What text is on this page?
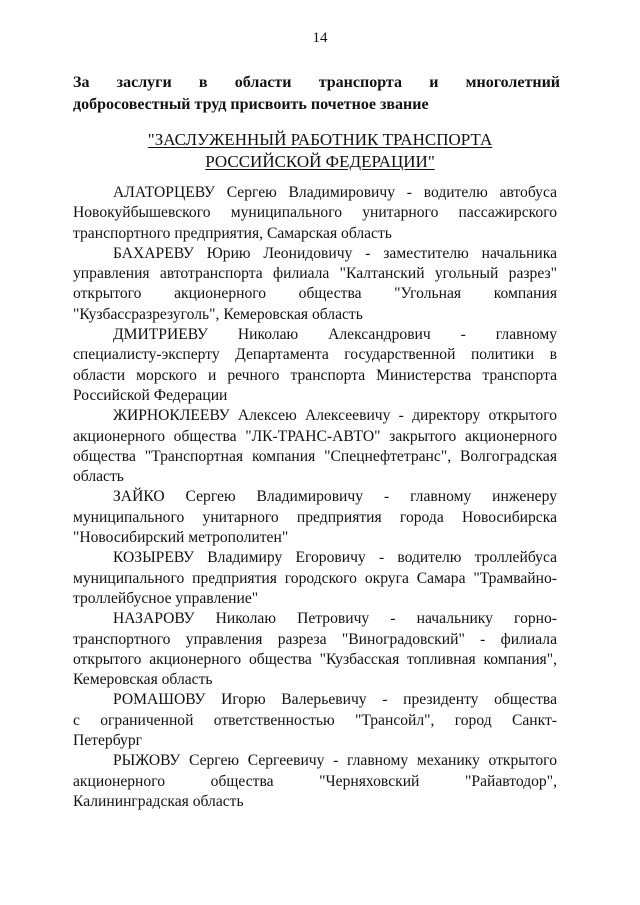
14
За заслуги в области транспорта и многолетний
добросовестный труд присвоить почетное звание
"ЗАСЛУЖЕННЫЙ РАБОТНИК ТРАНСПОРТА
РОССИЙСКОЙ ФЕДЕРАЦИИ"
АЛАТОРЦЕВУ Сергею Владимировичу - водителю автобуса
Новокуйбышевского муниципального унитарного пассажирского
транспортного предприятия, Самарская область
БАХАРЕВУ Юрию Леонидовичу - заместителю начальника
управления автотранспорта филиала "Калтанский угольный разрез"
открытого акционерного общества "Угольная компания
"Кузбассразрезуголь", Кемеровская область
ДМИТРИЕВУ Николаю Александрович - главному
специалисту-эксперту Департамента государственной политики в
области морского и речного транспорта Министерства транспорта
Российской Федерации
ЖИРНОКЛЕЕВУ Алексею Алексеевичу - директору открытого
акционерного общества "ЛК-ТРАНС-АВТО" закрытого акционерного
общества "Транспортная компания "Спецнефтетранс", Волгоградская
область
ЗАЙКО Сергею Владимировичу - главному инженеру
муниципального унитарного предприятия города Новосибирска
"Новосибирский метрополитен"
КОЗЫРЕВУ Владимиру Егоровичу - водителю троллейбуса
муниципального предприятия городского округа Самара "Трамвайно-
троллейбусное управление"
НАЗАРОВУ Николаю Петровичу - начальнику горно-
транспортного управления разреза "Виноградовский" - филиала
открытого акционерного общества "Кузбасская топливная компания",
Кемеровская область
РОМАШОВУ Игорю Валерьевичу - президенту общества
с ограниченной ответственностью "Трансойл", город Санкт-
Петербург
РЫЖОВУ Сергею Сергеевичу - главному механику открытого
акционерного общества "Черняховский "Райавтодор",
Калининградская область
